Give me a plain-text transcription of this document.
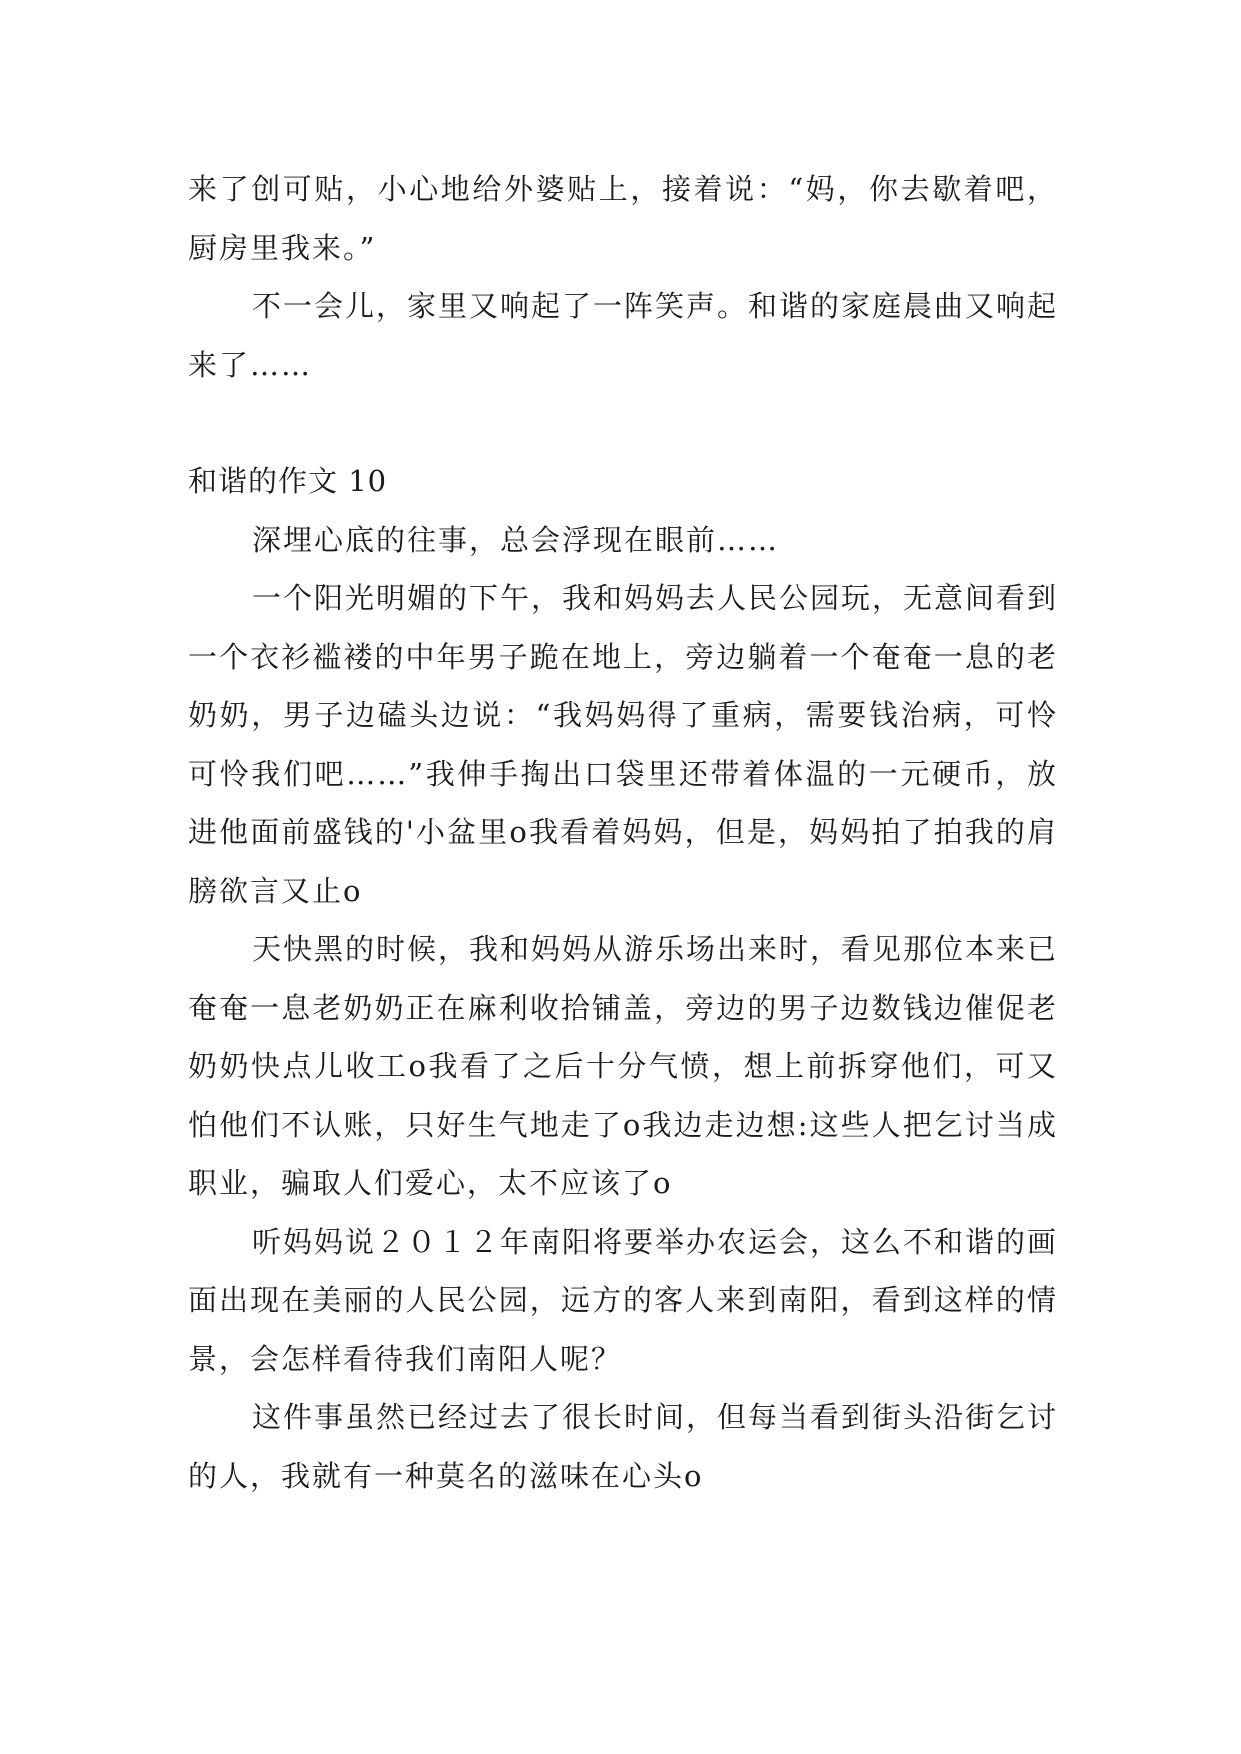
来了创可贴，小心地给外婆贴上，接着说：“妈，你去歇着吧，厨房里我来。”

不一会儿，家里又响起了一阵笑声。和谐的家庭晨曲又响起来了……

和谐的作文 10

深埋心底的往事，总会浮现在眼前……

一个阳光明媚的下午，我和妈妈去人民公园玩，无意间看到一个衣衫褴褛的中年男子跪在地上，旁边躺着一个奄奄一息的老奶奶，男子边磕头边说：“我妈妈得了重病，需要钱治病，可怜可怜我们吧……”我伸手掏出口袋里还带着体温的一元硬币，放进他面前盛钱的'小盆里o我看着妈妈，但是，妈妈拍了拍我的肩膀欲言又止o

天快黑的时候，我和妈妈从游乐场出来时，看见那位本来已奄奄一息老奶奶正在麻利收拾铺盖，旁边的男子边数钱边催促老奶奶快点儿收工o我看了之后十分气愤，想上前拆穿他们，可又怕他们不认账，只好生气地走了o我边走边想:这些人把乞讨当成职业，骗取人们爱心，太不应该了o

听妈妈说２０１２年南阳将要举办农运会，这么不和谐的画面出现在美丽的人民公园，远方的客人来到南阳，看到这样的情景，会怎样看待我们南阳人呢？

这件事虽然已经过去了很长时间，但每当看到街头沿街乞讨的人，我就有一种莫名的滋味在心头o
